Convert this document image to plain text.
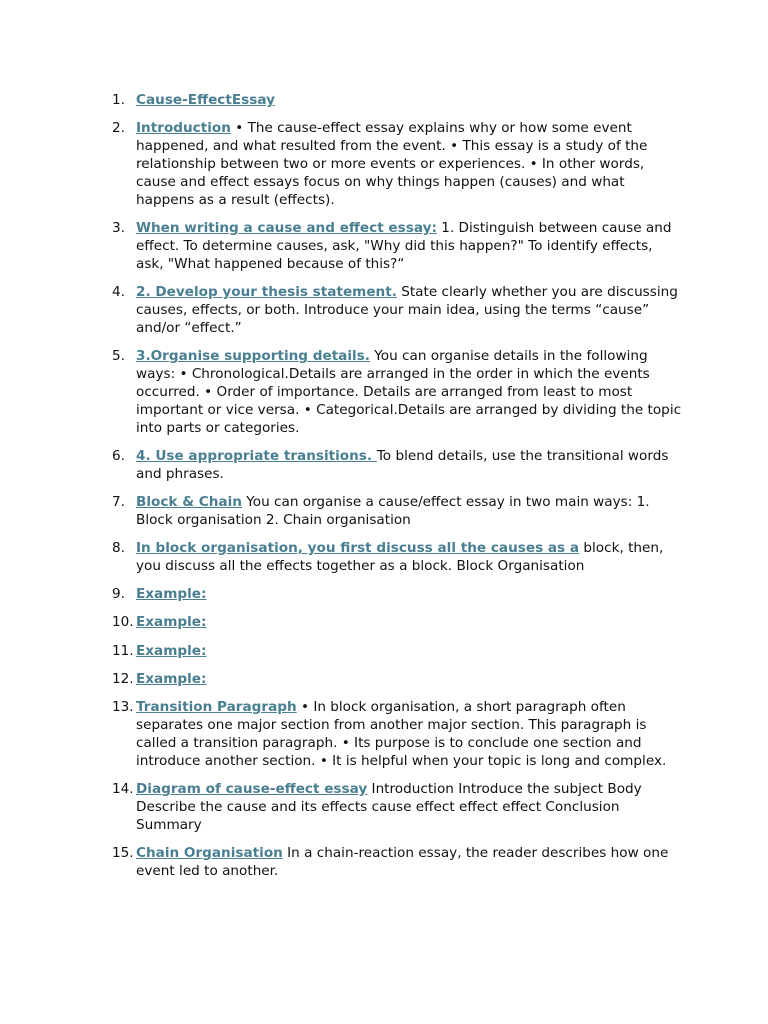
1. Cause-EffectEssay
2. Introduction • The cause-effect essay explains why or how some event happened, and what resulted from the event. • This essay is a study of the relationship between two or more events or experiences. • In other words, cause and effect essays focus on why things happen (causes) and what happens as a result (effects).
3. When writing a cause and effect essay: 1. Distinguish between cause and effect. To determine causes, ask, "Why did this happen?" To identify effects, ask, "What happened because of this?“
4. 2. Develop your thesis statement. State clearly whether you are discussing causes, effects, or both. Introduce your main idea, using the terms “cause” and/or “effect.”
5. 3.Organise supporting details. You can organise details in the following ways: • Chronological.Details are arranged in the order in which the events occurred. • Order of importance. Details are arranged from least to most important or vice versa. • Categorical.Details are arranged by dividing the topic into parts or categories.
6. 4. Use appropriate transitions. To blend details, use the transitional words and phrases.
7. Block & Chain You can organise a cause/effect essay in two main ways: 1. Block organisation 2. Chain organisation
8. In block organisation, you first discuss all the causes as a block, then, you discuss all the effects together as a block. Block Organisation
9. Example:
10. Example:
11. Example:
12. Example:
13. Transition Paragraph • In block organisation, a short paragraph often separates one major section from another major section. This paragraph is called a transition paragraph. • Its purpose is to conclude one section and introduce another section. • It is helpful when your topic is long and complex.
14. Diagram of cause-effect essay Introduction Introduce the subject Body Describe the cause and its effects cause effect effect effect Conclusion Summary
15. Chain Organisation In a chain-reaction essay, the reader describes how one event led to another.
